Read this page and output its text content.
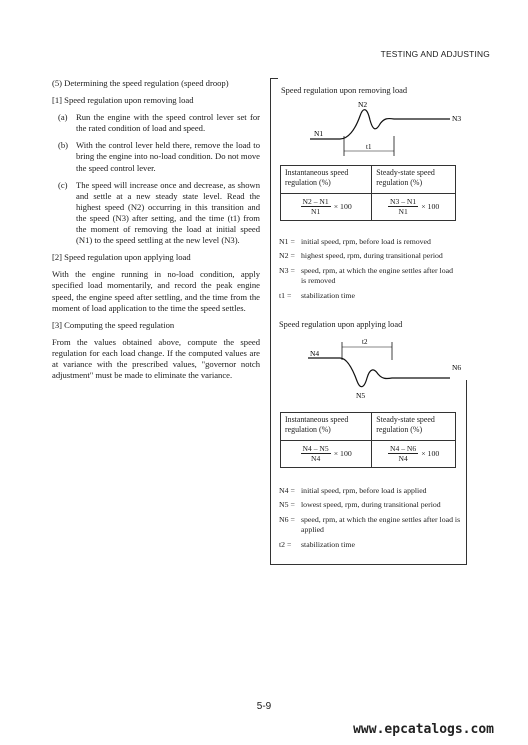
TESTING AND ADJUSTING

(5) Determining the speed regulation (speed droop)

[1] Speed regulation upon removing load

(a) Run the engine with the speed control lever set for the rated condition of load and speed.
(b) With the control lever held there, remove the load to bring the engine into no-load condition. Do not move the speed control lever.
(c) The speed will increase once and decrease, as shown and settle at a new steady state level. Read the highest speed (N2) occurring in this transition and the speed (N3) after setting, and the time (t1) from the moment of removing the load at initial speed (N1) to the speed settling at the new level (N3).

[2] Speed regulation upon applying load

With the engine running in no-load condition, apply specified load momentarily, and record the peak engine speed, the engine speed after settling, and the time from the moment of load application to the time the speed settles.

[3] Computing the speed regulation

From the values obtained above, compute the speed regulation for each load change. If the computed values are at variance with the prescribed values, "governor notch adjustment" must be made to eliminate the variance.

Speed regulation upon removing load
N1
N2
N3
t1
Instantaneous speed regulation (%)	Steady-state speed regulation (%)

$\frac{N2 - N1}{N1} \times 100$	$\frac{N3 - N1}{N1} \times 100$
N1 = initial speed, rpm, before load is removed
N2 = highest speed, rpm, during transitional period
N3 = speed, rpm, at which the engine settles after load is removed
t1 =	stabilization time
Speed regulation upon applying load
N4
N5
N6
t2
Instantaneous speed regulation (%)	Steady-state speed regulation (%)

$\frac{N4 - N5}{N4} \times 100$	$\frac{N4 - N6}{N4} \times 100$
N4 = initial speed, rpm, before load is applied
N5 = lowest speed, rpm, during transitional period
N6 = speed, rpm, at which the engine settles after load is applied
t2 =	stabilization time
5-9
www.epcatalogs.com
